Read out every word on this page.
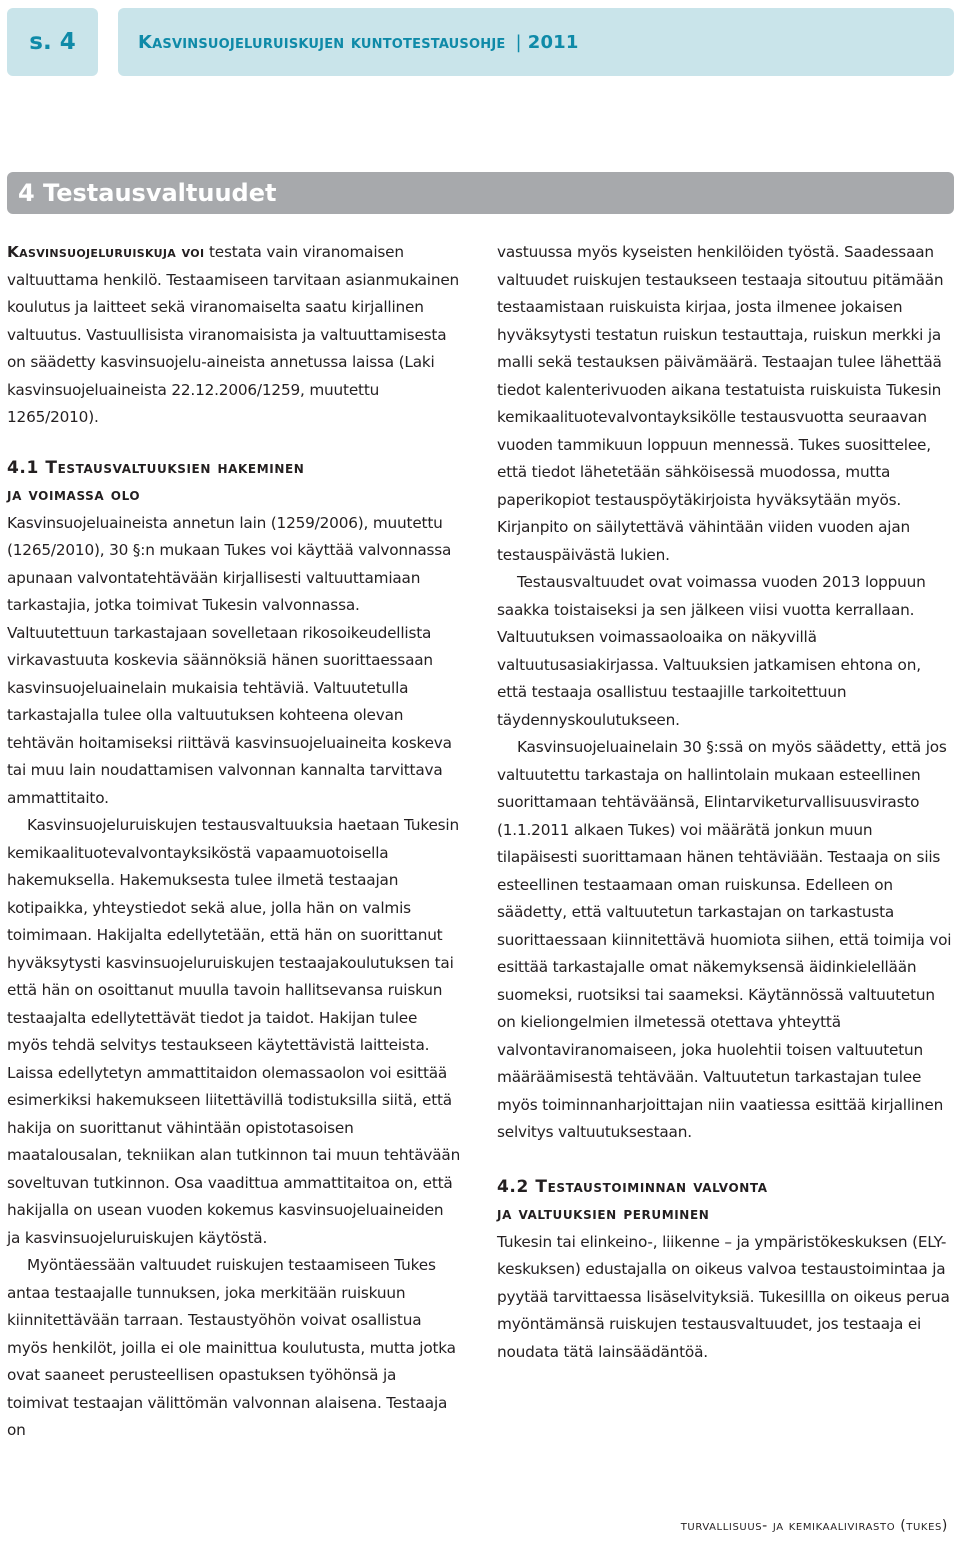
s. 4	Kasvinsuojeluruiskujen kuntotestausohje | 2011
4 Testausvaltuudet

Kasvinsuojeluruiskuja voi testata vain viranomaisen valtuuttama henkilö. Testaamiseen tarvitaan asianmukainen koulutus ja laitteet sekä viranomaiselta saatu kirjallinen valtuutus. Vastuullisista viranomaisista ja valtuuttamisesta on säädetty kasvinsuojelu-aineista annetussa laissa (Laki kasvinsuojeluaineista 22.12.2006/1259, muutettu 1265/2010).

4.1 Testausvaltuuksien hakeminen

ja voimassa olo

Kasvinsuojeluaineista annetun lain (1259/2006), muutettu (1265/2010), 30 §:n mukaan Tukes voi käyttää valvonnassa apunaan valvontatehtävään kirjallisesti valtuuttamiaan tarkastajia, jotka toimivat Tukesin valvonnassa. Valtuutettuun tarkastajaan sovelletaan rikosoikeudellista virkavastuuta koskevia säännöksiä hänen suorittaessaan kasvinsuojeluainelain mukaisia tehtäviä. Valtuutetulla tarkastajalla tulee olla valtuutuksen kohteena olevan tehtävän hoitamiseksi riittävä kasvinsuojeluaineita koskeva tai muu lain noudattamisen valvonnan kannalta tarvittava ammattitaito.

Kasvinsuojeluruiskujen testausvaltuuksia haetaan Tukesin kemikaalituotevalvontayksiköstä vapaamuotoisella hakemuksella. Hakemuksesta tulee ilmetä testaajan kotipaikka, yhteystiedot sekä alue, jolla hän on valmis toimimaan. Hakijalta edellytetään, että hän on suorittanut hyväksytysti kasvinsuojeluruiskujen testaajakoulutuksen tai että hän on osoittanut muulla tavoin hallitsevansa ruiskun testaajalta edellytettävät tiedot ja taidot. Hakijan tulee myös tehdä selvitys testaukseen käytettävistä laitteista. Laissa edellytetyn ammattitaidon olemassaolon voi esittää esimerkiksi hakemukseen liitettävillä todistuksilla siitä, että hakija on suorittanut vähintään opistotasoisen maatalousalan, tekniikan alan tutkinnon tai muun tehtävään soveltuvan tutkinnon. Osa vaadittua ammattitaitoa on, että hakijalla on usean vuoden kokemus kasvinsuojeluaineiden ja kasvinsuojeluruiskujen käytöstä.

Myöntäessään valtuudet ruiskujen testaamiseen Tukes antaa testaajalle tunnuksen, joka merkitään ruiskuun kiinnitettävään tarraan. Testaustyöhön voivat osallistua myös henkilöt, joilla ei ole mainittua koulutusta, mutta jotka ovat saaneet perusteellisen opastuksen työhönsä ja toimivat testaajan välittömän valvonnan alaisena. Testaaja on

vastuussa myös kyseisten henkilöiden työstä. Saadessaan valtuudet ruiskujen testaukseen testaaja sitoutuu pitämään testaamistaan ruiskuista kirjaa, josta ilmenee jokaisen hyväksytysti testatun ruiskun testauttaja, ruiskun merkki ja malli sekä testauksen päivämäärä. Testaajan tulee lähettää tiedot kalenterivuoden aikana testatuista ruiskuista Tukesin kemikaalituotevalvontayksikölle testausvuotta seuraavan vuoden tammikuun loppuun mennessä. Tukes suosittelee, että tiedot lähetetään sähköisessä muodossa, mutta paperikopiot testauspöytäkirjoista hyväksytään myös. Kirjanpito on säilytettävä vähintään viiden vuoden ajan testauspäivästä lukien.

Testausvaltuudet ovat voimassa vuoden 2013 loppuun saakka toistaiseksi ja sen jälkeen viisi vuotta kerrallaan. Valtuutuksen voimassaoloaika on näkyvillä valtuutusasiakirjassa. Valtuuksien jatkamisen ehtona on, että testaaja osallistuu testaajille tarkoitettuun täydennyskoulutukseen.

Kasvinsuojeluainelain 30 §:ssä on myös säädetty, että jos valtuutettu tarkastaja on hallintolain mukaan esteellinen suorittamaan tehtäväänsä, Elintarviketurvallisuusvirasto (1.1.2011 alkaen Tukes) voi määrätä jonkun muun tilapäisesti suorittamaan hänen tehtäviään. Testaaja on siis esteellinen testaamaan oman ruiskunsa. Edelleen on säädetty, että valtuutetun tarkastajan on tarkastusta suorittaessaan kiinnitettävä huomiota siihen, että toimija voi esittää tarkastajalle omat näkemyksensä äidinkielellään suomeksi, ruotsiksi tai saameksi. Käytännössä valtuutetun on kieliongelmien ilmetessä otettava yhteyttä valvontaviranomaiseen, joka huolehtii toisen valtuutetun määräämisestä tehtävään. Valtuutetun tarkastajan tulee myös toiminnanharjoittajan niin vaatiessa esittää kirjallinen selvitys valtuutuksestaan.

4.2 Testaustoiminnan valvonta

ja valtuuksien peruminen

Tukesin tai elinkeino-, liikenne – ja ympäristökeskuksen (ELY-keskuksen) edustajalla on oikeus valvoa testaustoimintaa ja pyytää tarvittaessa lisäselvityksiä. Tukesillla on oikeus perua myöntämänsä ruiskujen testausvaltuudet, jos testaaja ei noudata tätä lainsäädäntöä.

turvallisuus- ja kemikaalivirasto (tukes)
